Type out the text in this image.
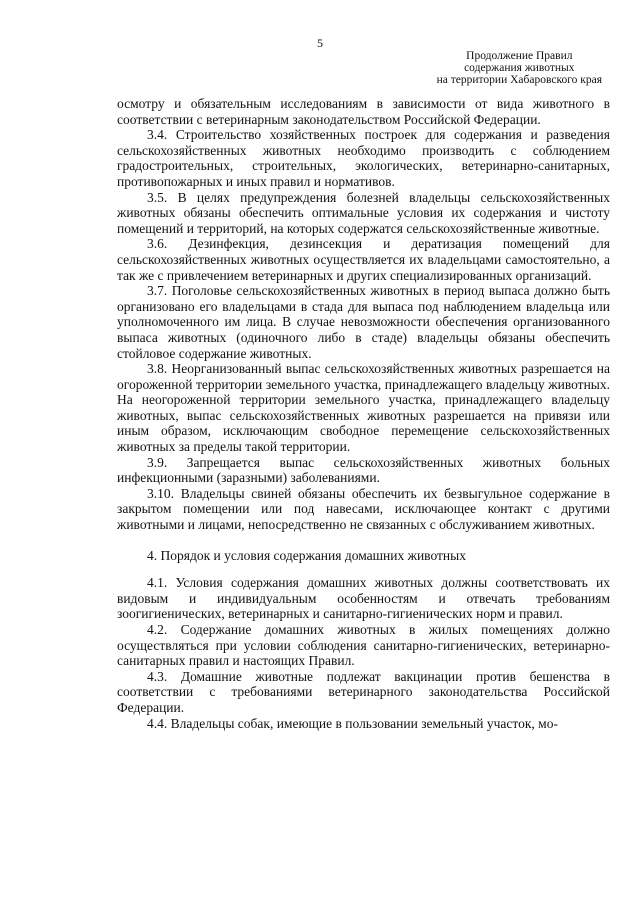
5
Продолжение Правил
содержания животных
на территории Хабаровского края

осмотру и обязательным исследованиям в зависимости от вида животного в соответствии с ветеринарным законодательством Российской Федерации.

3.4. Строительство хозяйственных построек для содержания и разведения сельскохозяйственных животных необходимо производить с соблюдением градостроительных, строительных, экологических, ветеринарно-санитарных, противопожарных и иных правил и нормативов.

3.5. В целях предупреждения болезней владельцы сельскохозяйственных животных обязаны обеспечить оптимальные условия их содержания и чистоту помещений и территорий, на которых содержатся сельскохозяйственные животные.

3.6. Дезинфекция, дезинсекция и дератизация помещений для сельскохозяйственных животных осуществляется их владельцами самостоятельно, а так же с привлечением ветеринарных и других специализированных организаций.

3.7. Поголовье сельскохозяйственных животных в период выпаса должно быть организовано его владельцами в стада для выпаса под наблюдением владельца или уполномоченного им лица. В случае невозможности обеспечения организованного выпаса животных (одиночного либо в стаде) владельцы обязаны обеспечить стойловое содержание животных.

3.8. Неорганизованный выпас сельскохозяйственных животных разрешается на огороженной территории земельного участка, принадлежащего владельцу животных. На неогороженной территории земельного участка, принадлежащего владельцу животных, выпас сельскохозяйственных животных разрешается на привязи или иным образом, исключающим свободное перемещение сельскохозяйственных животных за пределы такой территории.

3.9. Запрещается выпас сельскохозяйственных животных больных инфекционными (заразными) заболеваниями.

3.10. Владельцы свиней обязаны обеспечить их безвыгульное содержание в закрытом помещении или под навесами, исключающее контакт с другими животными и лицами, непосредственно не связанных с обслуживанием животных.

4. Порядок и условия содержания домашних животных

4.1. Условия содержания домашних животных должны соответствовать их видовым и индивидуальным особенностям и отвечать требованиям зоогигиенических, ветеринарных и санитарно-гигиенических норм и правил.

4.2. Содержание домашних животных в жилых помещениях должно осуществляться при условии соблюдения санитарно-гигиенических, ветеринарно-санитарных правил и настоящих Правил.

4.3. Домашние животные подлежат вакцинации против бешенства в соответствии с требованиями ветеринарного законодательства Российской Федерации.

4.4. Владельцы собак, имеющие в пользовании земельный участок, мо-
